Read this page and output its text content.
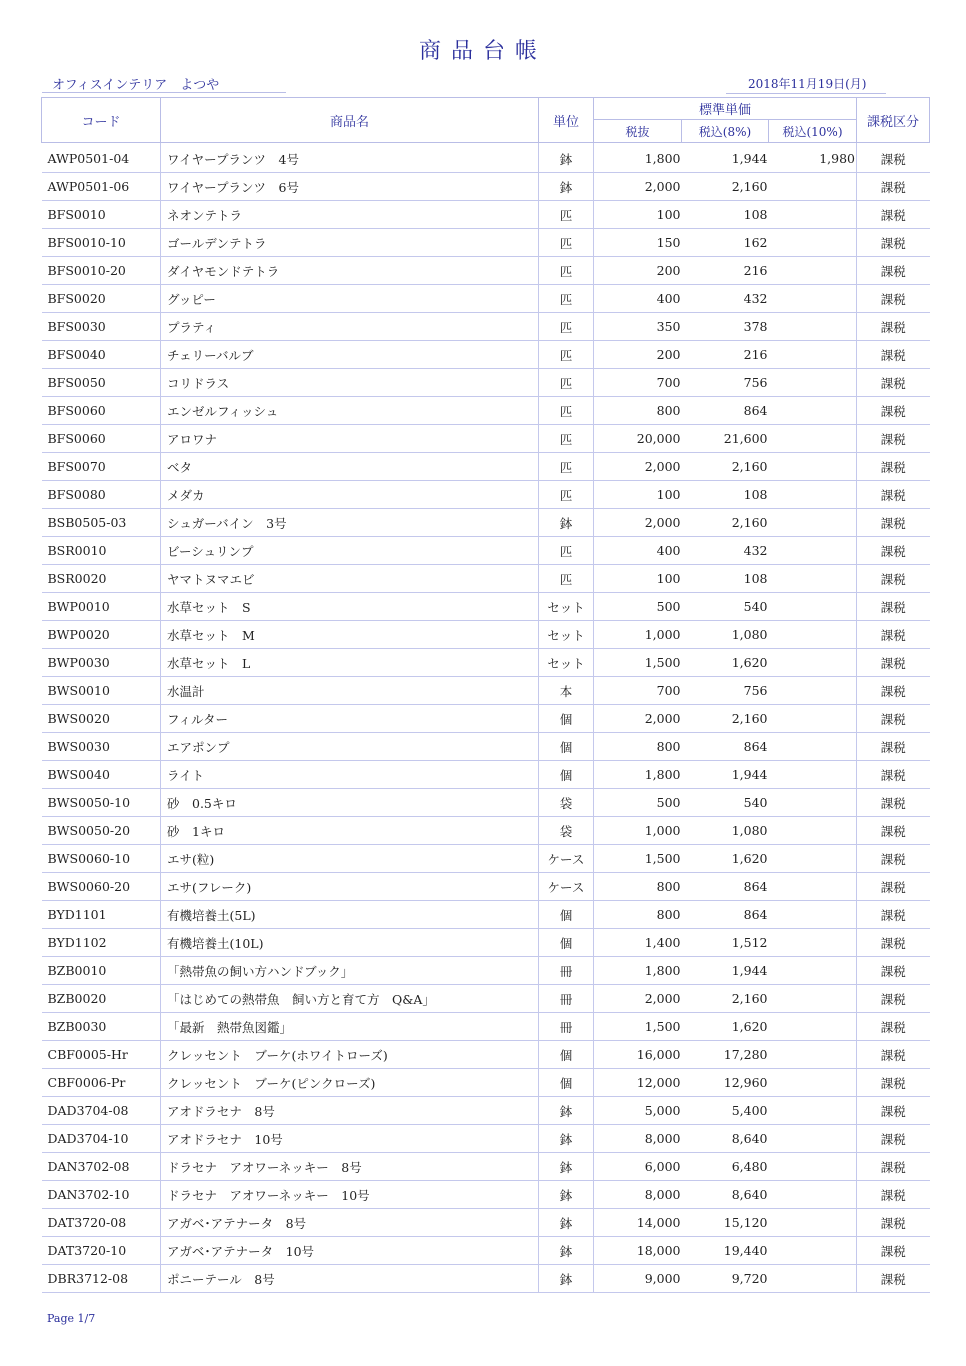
商品台帳
オフィスインテリア　よつや	2018年11月19日(月)
コード	商品名	単位	標準単価			課税区分
			税抜	税込(8%)	税込(10%)	
AWP0501-04	ワイヤープランツ　4号	鉢	1,800	1,944	1,980	課税
AWP0501-06	ワイヤープランツ　6号	鉢	2,000	2,160		課税
BFS0010	ネオンテトラ	匹	100	108		課税
BFS0010-10	ゴールデンテトラ	匹	150	162		課税
BFS0010-20	ダイヤモンドテトラ	匹	200	216		課税
BFS0020	グッピー	匹	400	432		課税
BFS0030	プラティ	匹	350	378		課税
BFS0040	チェリーバルブ	匹	200	216		課税
BFS0050	コリドラス	匹	700	756		課税
BFS0060	エンゼルフィッシュ	匹	800	864		課税
BFS0060	アロワナ	匹	20,000	21,600		課税
BFS0070	ベタ	匹	2,000	2,160		課税
BFS0080	メダカ	匹	100	108		課税
BSB0505-03	シュガーバイン　3号	鉢	2,000	2,160		課税
BSR0010	ビーシュリンプ	匹	400	432		課税
BSR0020	ヤマトヌマエビ	匹	100	108		課税
BWP0010	水草セット　S	セット	500	540		課税
BWP0020	水草セット　M	セット	1,000	1,080		課税
BWP0030	水草セット　L	セット	1,500	1,620		課税
BWS0010	水温計	本	700	756		課税
BWS0020	フィルター	個	2,000	2,160		課税
BWS0030	エアポンプ	個	800	864		課税
BWS0040	ライト	個	1,800	1,944		課税
BWS0050-10	砂　0.5キロ	袋	500	540		課税
BWS0050-20	砂　1キロ	袋	1,000	1,080		課税
BWS0060-10	エサ(粒)	ケース	1,500	1,620		課税
BWS0060-20	エサ(フレーク)	ケース	800	864		課税
BYD1101	有機培養土(5L)	個	800	864		課税
BYD1102	有機培養土(10L)	個	1,400	1,512		課税
BZB0010	「熱帯魚の飼い方ハンドブック」	冊	1,800	1,944		課税
BZB0020	「はじめての熱帯魚　飼い方と育て方　Q&A」	冊	2,000	2,160		課税
BZB0030	「最新　熱帯魚図鑑」	冊	1,500	1,620		課税
CBF0005-Hr	クレッセント　ブーケ(ホワイトローズ)	個	16,000	17,280		課税
CBF0006-Pr	クレッセント　ブーケ(ピンクローズ)	個	12,000	12,960		課税
DAD3704-08	アオドラセナ　8号	鉢	5,000	5,400		課税
DAD3704-10	アオドラセナ　10号	鉢	8,000	8,640		課税
DAN3702-08	ドラセナ　アオワーネッキー　8号	鉢	6,000	6,480		課税
DAN3702-10	ドラセナ　アオワーネッキー　10号	鉢	8,000	8,640		課税
DAT3720-08	アガベ･アテナータ　8号	鉢	14,000	15,120		課税
DAT3720-10	アガベ･アテナータ　10号	鉢	18,000	19,440		課税
DBR3712-08	ポニーテール　8号	鉢	9,000	9,720		課税
Page 1/7
